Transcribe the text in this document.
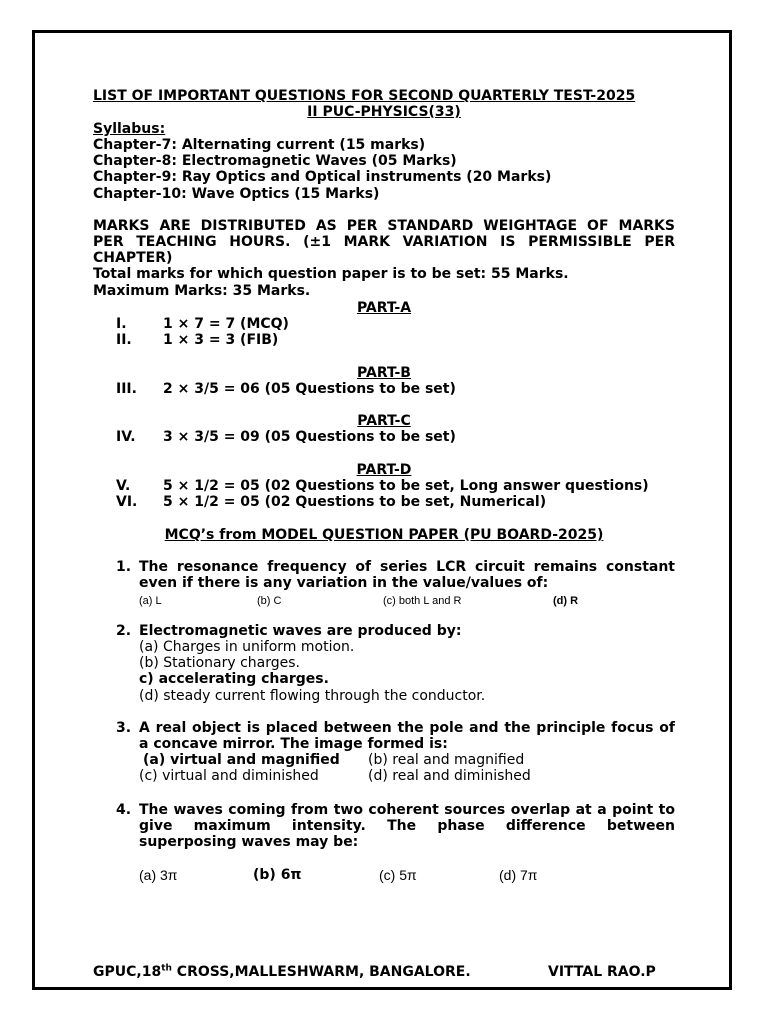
LIST OF IMPORTANT QUESTIONS FOR SECOND QUARTERLY TEST-2025
II PUC-PHYSICS(33)
Syllabus:
Chapter-7: Alternating current (15 marks)
Chapter-8: Electromagnetic Waves (05 Marks)
Chapter-9: Ray Optics and Optical instruments (20 Marks)
Chapter-10: Wave Optics (15 Marks)
MARKS ARE DISTRIBUTED AS PER STANDARD WEIGHTAGE OF MARKS
PER TEACHING HOURS. (±1 MARK VARIATION IS PERMISSIBLE PER
CHAPTER)
Total marks for which question paper is to be set: 55 Marks.
Maximum Marks: 35 Marks.
PART-A
I.	1 × 7 = 7 (MCQ)
II. 1 × 3 = 3 (FIB)
PART-B
III. 2 × 3/5 = 06 (05 Questions to be set)
PART-C
IV. 3 × 3/5 = 09 (05 Questions to be set)
PART-D
V. 5 × 1/2 = 05 (02 Questions to be set, Long answer questions)
VI. 5 × 1/2 = 05 (02 Questions to be set, Numerical)
MCQ’s from MODEL QUESTION PAPER (PU BOARD-2025)
1. The resonance frequency of series LCR circuit remains constant
even if there is any variation in the value/values of:
(a) L	(b) C	(c) both L and R	(d) R
2. Electromagnetic waves are produced by:
(a) Charges in uniform motion.
(b) Stationary charges.
c) accelerating charges.
(d) steady current flowing through the conductor.
3. A real object is placed between the pole and the principle focus of
a concave mirror. The image formed is:
(a) virtual and magnified (b) real and magnified
(c) virtual and diminished	(d) real and diminished
4. The waves coming from two coherent sources overlap at a point to
give maximum intensity. The phase difference between
superposing waves may be:
(a) 3π	(b) 6π	(c) 5π	(d) 7π
GPUC,18th CROSS,MALLESHWARM, BANGALORE.	VITTAL RAO.P
